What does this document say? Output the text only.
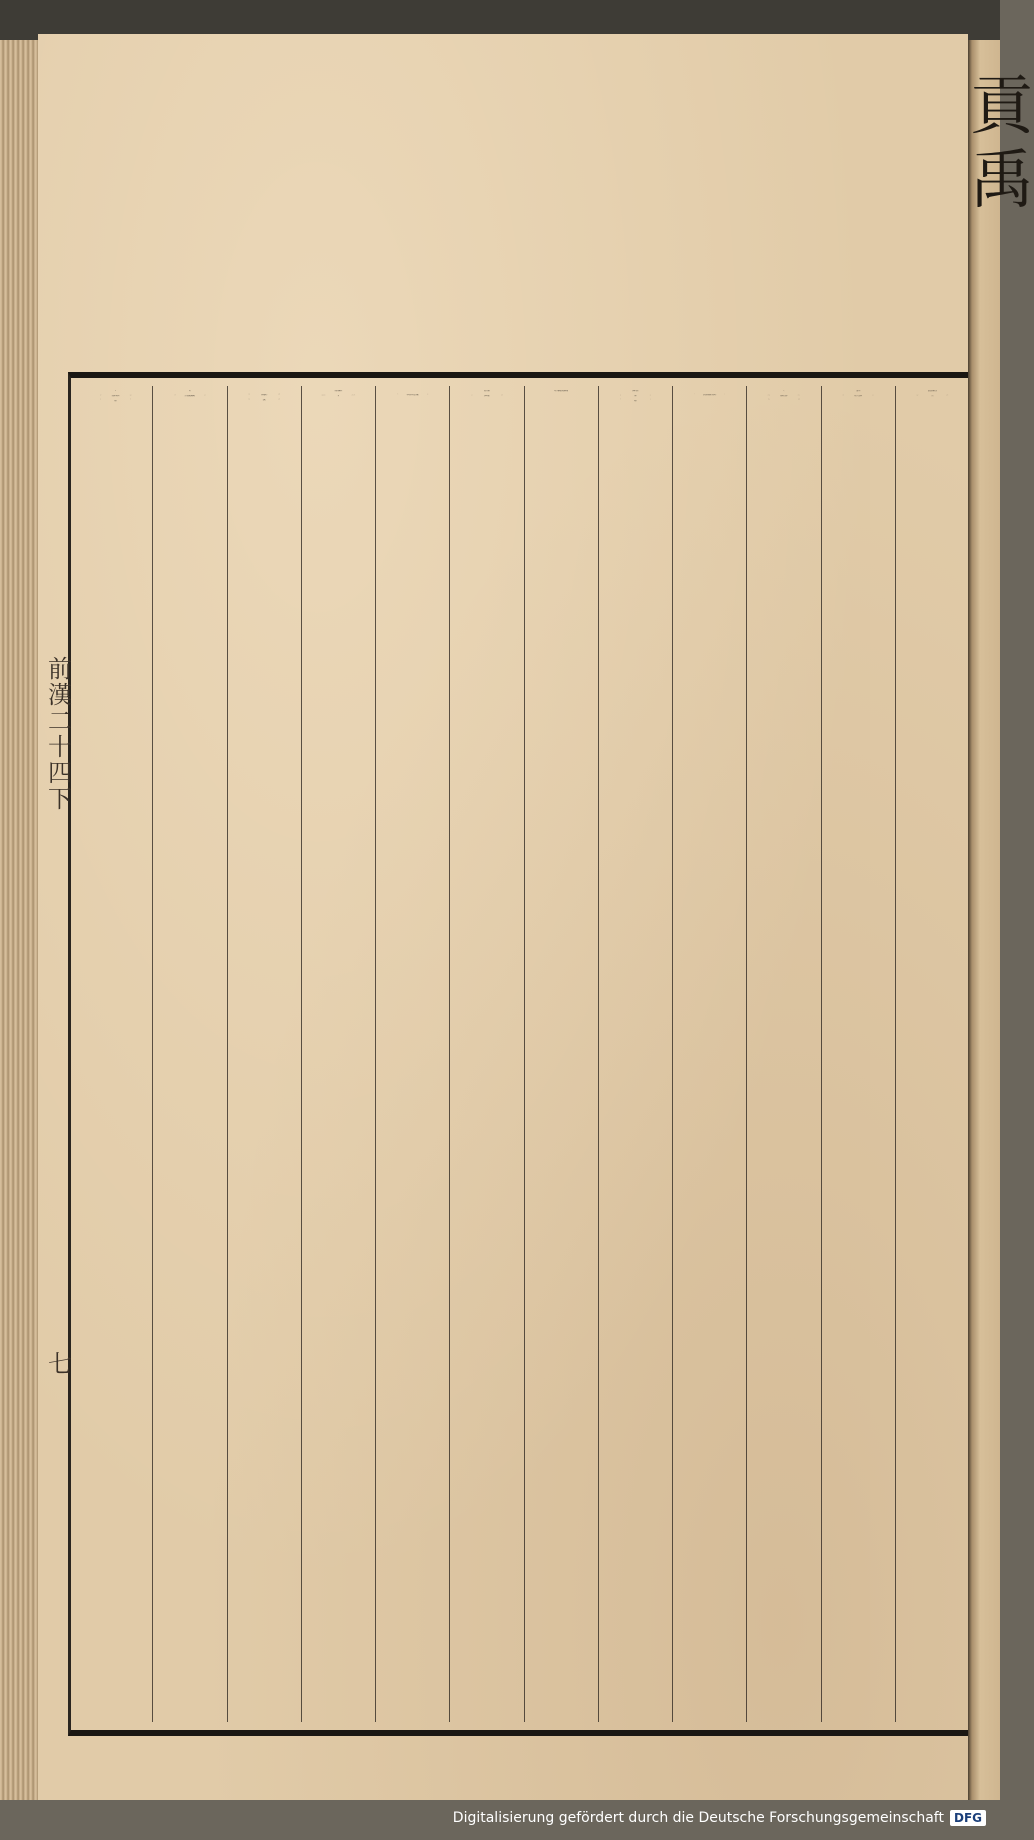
前漢二十四下
七
貢
禹
Digitalisierung gefördert durch die Deutsche Forschungsgemeinschaft DFG
